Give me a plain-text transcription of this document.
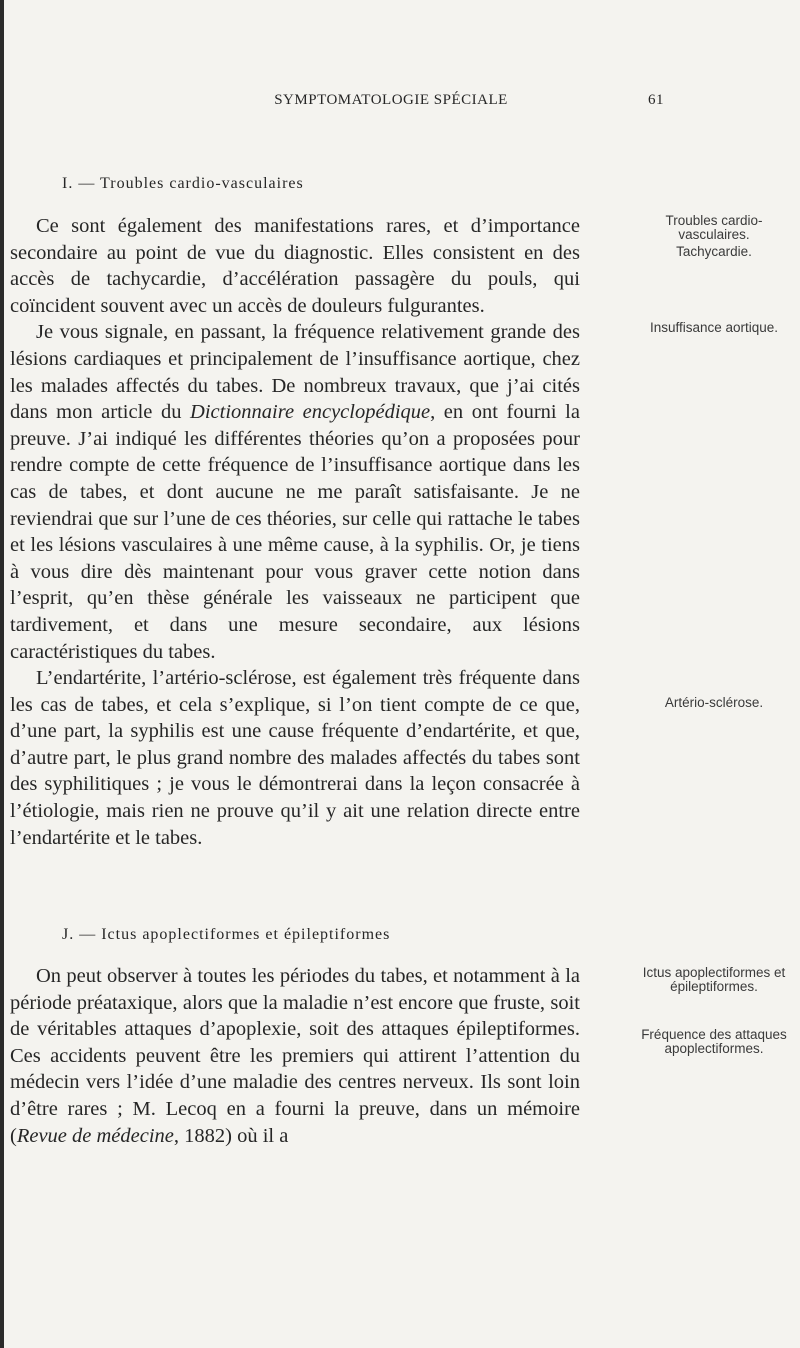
SYMPTOMATOLOGIE SPÉCIALE	61
I. — Troubles cardio-vasculaires

Ce sont également des manifestations rares, et d’importance secondaire au point de vue du diagnostic. Elles consistent en des accès de tachycardie, d’accélération passagère du pouls, qui coïncident souvent avec un accès de douleurs fulgurantes.

Je vous signale, en passant, la fréquence relativement grande des lésions cardiaques et principalement de l’insuffisance aortique, chez les malades affectés du tabes. De nombreux travaux, que j’ai cités dans mon article du Dictionnaire encyclopédique, en ont fourni la preuve. J’ai indiqué les différentes théories qu’on a proposées pour rendre compte de cette fréquence de l’insuffisance aortique dans les cas de tabes, et dont aucune ne me paraît satisfaisante. Je ne reviendrai que sur l’une de ces théories, sur celle qui rattache le tabes et les lésions vasculaires à une même cause, à la syphilis. Or, je tiens à vous dire dès maintenant pour vous graver cette notion dans l’esprit, qu’en thèse générale les vaisseaux ne participent que tardivement, et dans une mesure secondaire, aux lésions caractéristiques du tabes.

L’endartérite, l’artério-sclérose, est également très fréquente dans les cas de tabes, et cela s’explique, si l’on tient compte de ce que, d’une part, la syphilis est une cause fréquente d’endartérite, et que, d’autre part, le plus grand nombre des malades affectés du tabes sont des syphilitiques ; je vous le démontrerai dans la leçon consacrée à l’étiologie, mais rien ne prouve qu’il y ait une relation directe entre l’endartérite et le tabes.

Troubles cardio-vasculaires.

Tachycardie.

Insuffisance aortique.

Artério-sclérose.

J. — Ictus apoplectiformes et épileptiformes

On peut observer à toutes les périodes du tabes, et notamment à la période préataxique, alors que la maladie n’est encore que fruste, soit de véritables attaques d’apoplexie, soit des attaques épileptiformes. Ces accidents peuvent être les premiers qui attirent l’attention du médecin vers l’idée d’une maladie des centres nerveux. Ils sont loin d’être rares ; M. Lecoq en a fourni la preuve, dans un mémoire (Revue de médecine, 1882) où il a

Ictus apoplectiformes et épileptiformes.

Fréquence des attaques apoplectiformes.
